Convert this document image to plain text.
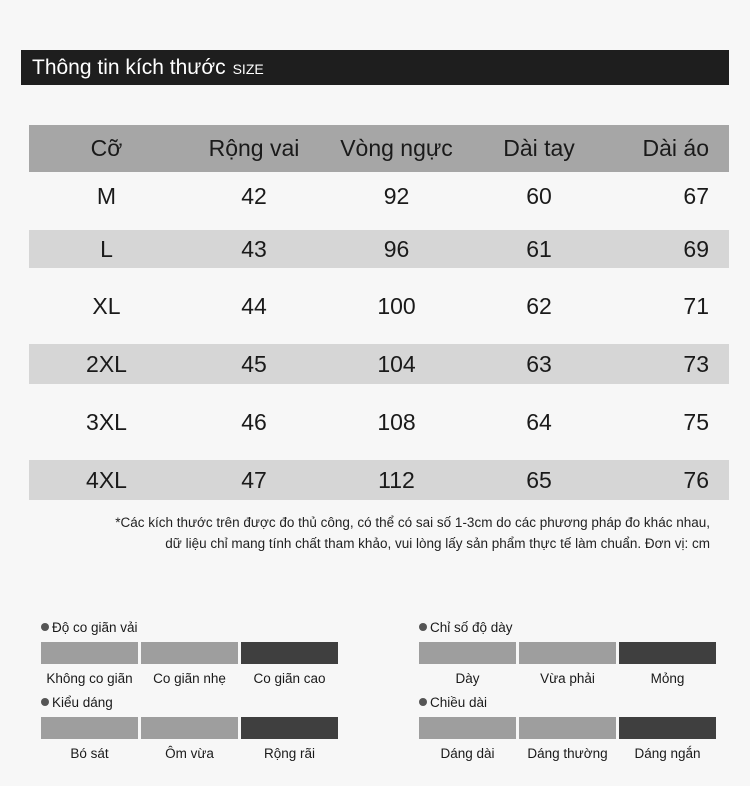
Thông tin kích thước SIZE
Cỡ	Rộng vai	Vòng ngực	Dài tay	Dài áo
M	42	92	60	67
L	43	96	61	69
XL	44	100	62	71
2XL	45	104	63	73
3XL	46	108	64	75
4XL	47	112	65	76
*Các kích thước trên được đo thủ công, có thể có sai số 1-3cm do các phương pháp đo khác nhau,
dữ liệu chỉ mang tính chất tham khảo, vui lòng lấy sản phẩm thực tế làm chuẩn. Đơn vị: cm
Độ co giãn vải
Không co giãn	Co giãn nhẹ	Co giãn cao
Chỉ số độ dày
Dày	Vừa phải	Mỏng
Kiểu dáng
Bó sát	Ôm vừa	Rộng rãi
Chiều dài
Dáng dài	Dáng thường	Dáng ngắn
